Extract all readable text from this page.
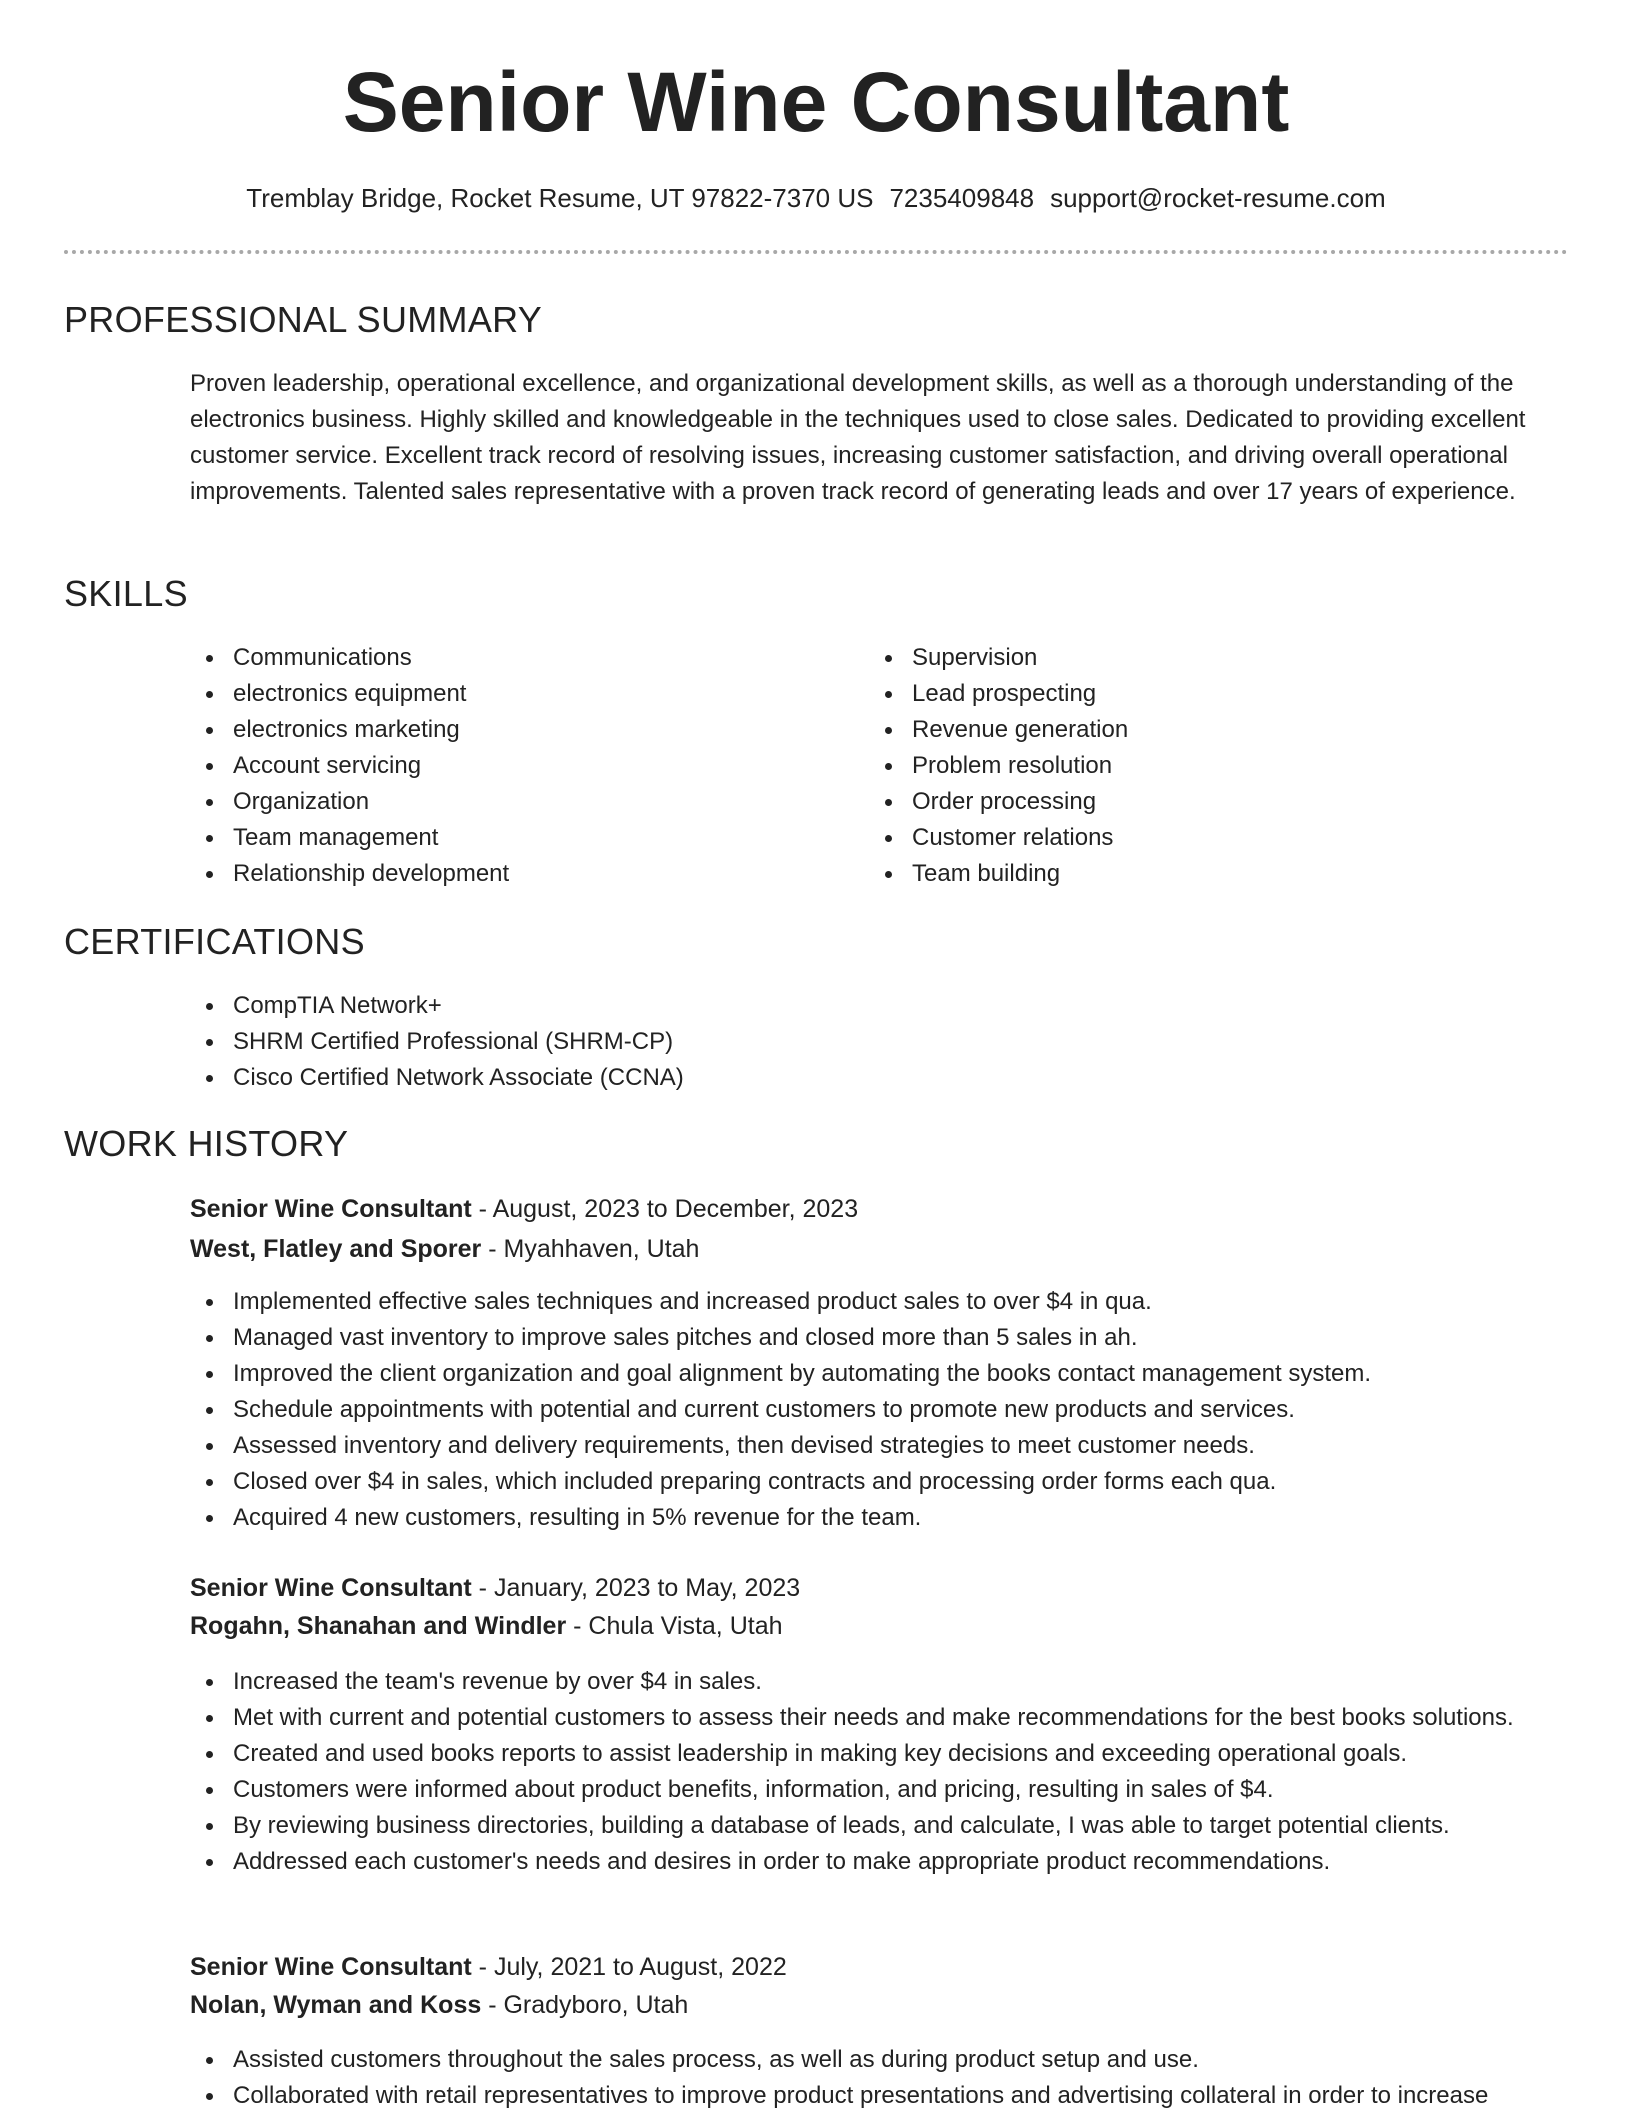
Senior Wine Consultant
Tremblay Bridge, Rocket Resume, UT 97822-7370 US 7235409848 support@rocket-resume.com
PROFESSIONAL SUMMARY

Proven leadership, operational excellence, and organizational development skills, as well as a thorough understanding of the electronics business. Highly skilled and knowledgeable in the techniques used to close sales. Dedicated to providing excellent customer service. Excellent track record of resolving issues, increasing customer satisfaction, and driving overall operational improvements. Talented sales representative with a proven track record of generating leads and over 17 years of experience.

SKILLS
Communications
electronics equipment
electronics marketing
Account servicing
Organization
Team management
Relationship development
Supervision
Lead prospecting
Revenue generation
Problem resolution
Order processing
Customer relations
Team building
CERTIFICATIONS
CompTIA Network+
SHRM Certified Professional (SHRM-CP)
Cisco Certified Network Associate (CCNA)
WORK HISTORY
Senior Wine Consultant - August, 2023 to December, 2023
West, Flatley and Sporer - Myahhaven, Utah
Implemented effective sales techniques and increased product sales to over $4 in qua.
Managed vast inventory to improve sales pitches and closed more than 5 sales in ah.
Improved the client organization and goal alignment by automating the books contact management system.
Schedule appointments with potential and current customers to promote new products and services.
Assessed inventory and delivery requirements, then devised strategies to meet customer needs.
Closed over $4 in sales, which included preparing contracts and processing order forms each qua.
Acquired 4 new customers, resulting in 5% revenue for the team.
Senior Wine Consultant - January, 2023 to May, 2023
Rogahn, Shanahan and Windler - Chula Vista, Utah
Increased the team's revenue by over $4 in sales.
Met with current and potential customers to assess their needs and make recommendations for the best books solutions.
Created and used books reports to assist leadership in making key decisions and exceeding operational goals.
Customers were informed about product benefits, information, and pricing, resulting in sales of $4.
By reviewing business directories, building a database of leads, and calculate, I was able to target potential clients.
Addressed each customer's needs and desires in order to make appropriate product recommendations.
Senior Wine Consultant - July, 2021 to August, 2022
Nolan, Wyman and Koss - Gradyboro, Utah
Assisted customers throughout the sales process, as well as during product setup and use.
Collaborated with retail representatives to improve product presentations and advertising collateral in order to increase
